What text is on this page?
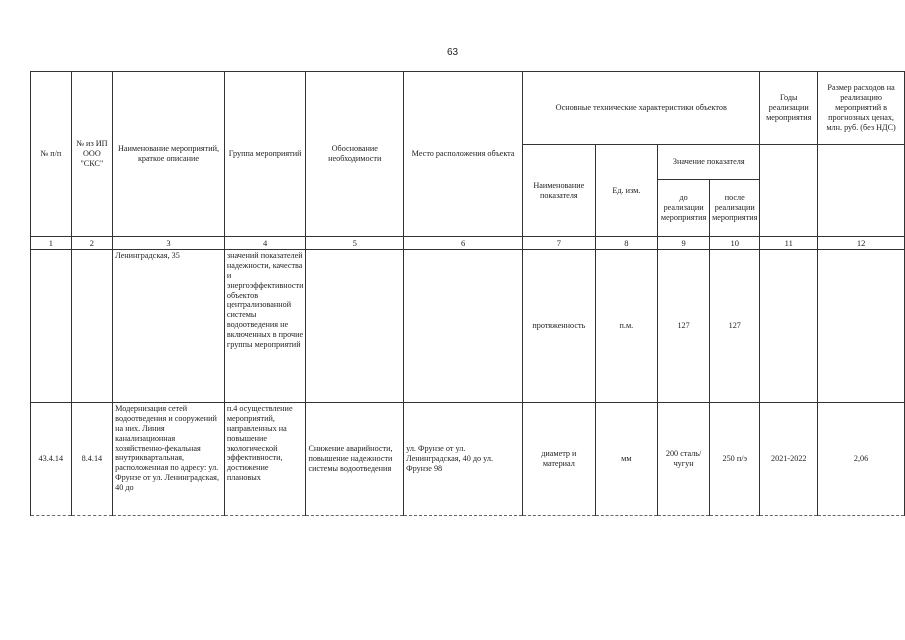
63
№ п/п	№ из ИП ООО "СКС"	Наименование мероприятий, краткое описание	Группа мероприятий	Обоснование необходимости	Место расположения объекта	Основные технические характеристики объектов				Годы реализации мероприятия	Размер расходов на реализацию мероприятий в прогнозных ценах, млн. руб. (без НДС)
						Наименование показателя	Ед. изм.	Значение показателя			
								до реализации мероприятия	после реализации мероприятия		
1	2	3	4	5	6	7	8	9	10	11	12
		Ленинградская, 35	значений показателей надежности, качества и энергоэффективности объектов централизованной системы водоотведения не включенных в прочие группы мероприятий			протяженность	п.м.	127	127		
43.4.14	8.4.14	Модернизация сетей водоотведения и сооружений на них. Линия канализационная хозяйственно-фекальная внутриквартальная, расположенная по адресу: ул. Фрунзе от ул. Ленинградская, 40 до	п.4 осуществление мероприятий, направленных на повышение экологической эффективности, достижение плановых	Снижение аварийности, повышение надежности системы водоотведения	ул. Фрунзе от ул. Ленинградская, 40 до ул. Фрунзе 98	диаметр и материал	мм	200 сталь/чугун	250 п/э	2021-2022	2,06
